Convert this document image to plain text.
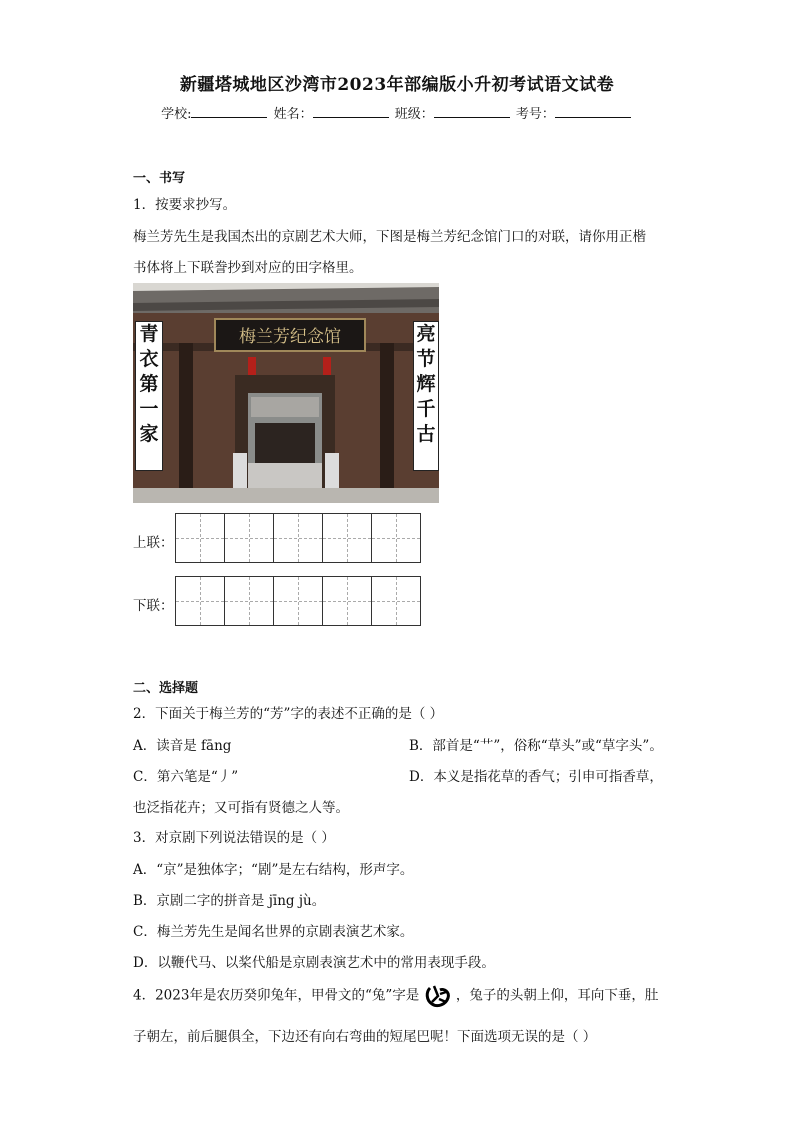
新疆塔城地区沙湾市2023年部编版小升初考试语文试卷
学校:	姓名：	班级：	考号：
一、书写
1．按要求抄写。
梅兰芳先生是我国杰出的京剧艺术大师，下图是梅兰芳纪念馆门口的对联，请你用正楷
书体将上下联誊抄到对应的田字格里。
梅兰芳纪念馆
青
衣
第
一
家
亮
节
辉
千
古
上联：
下联：
二、选择题
2．下面关于梅兰芳的“芳”字的表述不正确的是（ ）
A．读音是 fāng	B．部首是“艹”，俗称“草头”或“草字头”。
C．第六笔是“丿”	D．本义是指花草的香气；引申可指香草，
也泛指花卉；又可指有贤德之人等。
3．对京剧下列说法错误的是（ ）
A．“京”是独体字；“剧”是左右结构，形声字。
B．京剧二字的拼音是 jīng jù。
C．梅兰芳先生是闻名世界的京剧表演艺术家。
D．以鞭代马、以桨代船是京剧表演艺术中的常用表现手段。
4．2023年是农历癸卯兔年，甲骨文的“兔”字是	，兔子的头朝上仰，耳向下垂，肚
子朝左，前后腿俱全，下边还有向右弯曲的短尾巴呢！下面选项无误的是（ ）
